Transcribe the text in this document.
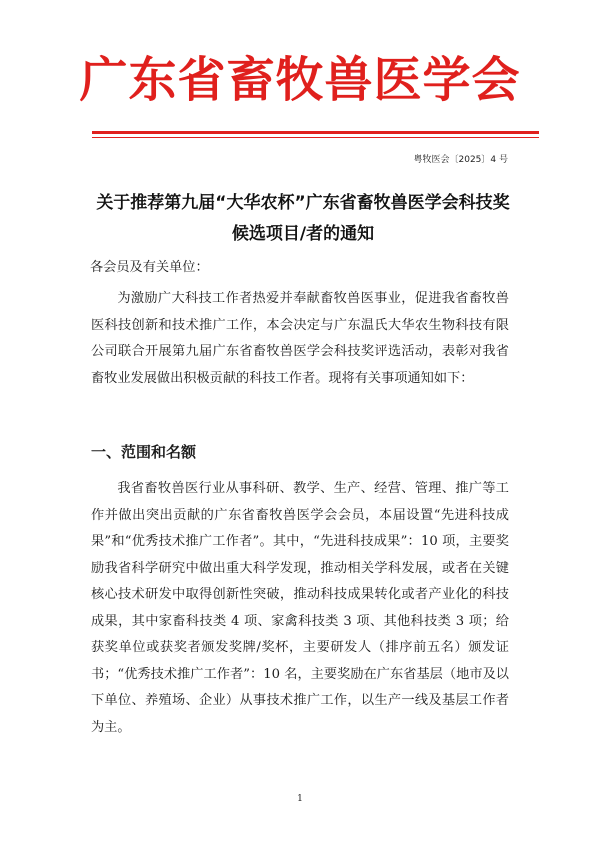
广东省畜牧兽医学会
粤牧医会〔2025〕4 号
关于推荐第九届“大华农杯”广东省畜牧兽医学会科技奖候选项目/者的通知
各会员及有关单位：

为激励广大科技工作者热爱并奉献畜牧兽医事业，促进我省畜牧兽医科技创新和技术推广工作，本会决定与广东温氏大华农生物科技有限公司联合开展第九届广东省畜牧兽医学会科技奖评选活动，表彰对我省畜牧业发展做出积极贡献的科技工作者。现将有关事项通知如下：

一、范围和名额

我省畜牧兽医行业从事科研、教学、生产、经营、管理、推广等工作并做出突出贡献的广东省畜牧兽医学会会员，本届设置“先进科技成果”和“优秀技术推广工作者”。其中，“先进科技成果”：10 项，主要奖励我省科学研究中做出重大科学发现，推动相关学科发展，或者在关键核心技术研发中取得创新性突破，推动科技成果转化或者产业化的科技成果，其中家畜科技类 4 项、家禽科技类 3 项、其他科技类 3 项；给获奖单位或获奖者颁发奖牌/奖杯，主要研发人（排序前五名）颁发证书；“优秀技术推广工作者”：10 名，主要奖励在广东省基层（地市及以下单位、养殖场、企业）从事技术推广工作，以生产一线及基层工作者为主。

1
